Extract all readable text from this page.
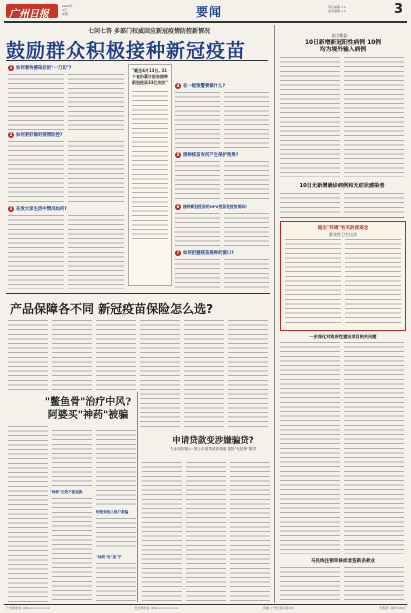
广州日报
2022年
4月
星期	要闻	责任编辑 ××
美术编辑 ××	3
七问七答 多部门权威回应新冠疫情防控新情况
鼓励群众积极接种新冠疫苗
1 如何看待感染后的"一刀切"?
2 如何更好做好疫情防控?
3 在放大家生活中情况如何?
"截至4月13日, 31个省份累计报告接种新冠疫苗33亿剂次"
4 在一级预警要做什么?
5 接种疫苗有何产生保护效果?
6 接种新冠疫苗的HPV疫苗免疫效果吗?
7 如何把握疫苗接种的窗口?
产品保障各不同 新冠疫苗保险怎么选?
"鳖鱼骨"治疗中风?
阿婆买"神药"被骗
"神药"无效不能退换
转账到他人账户被骗
"神药"有"退"字
申请贷款变涉嫌骗贷?
专业机构揭示: 网上申请贷款需谨慎 提防"无抵押"陷阱
据卫健委:
10日新增新冠阳性病例 10例
均为境外输入病例
10日无新增确诊病例和无症状感染者
提出"环境"有关防疫观念
群众性卫生运动
一步深化对政府性建设项目相关问题
马民线注销审核或者签新条款业
广告部电话: 020-××××××××	发行部电话: 020-××××××××	印刷: 广州日报印务中心	零售价: 每份1.00元
